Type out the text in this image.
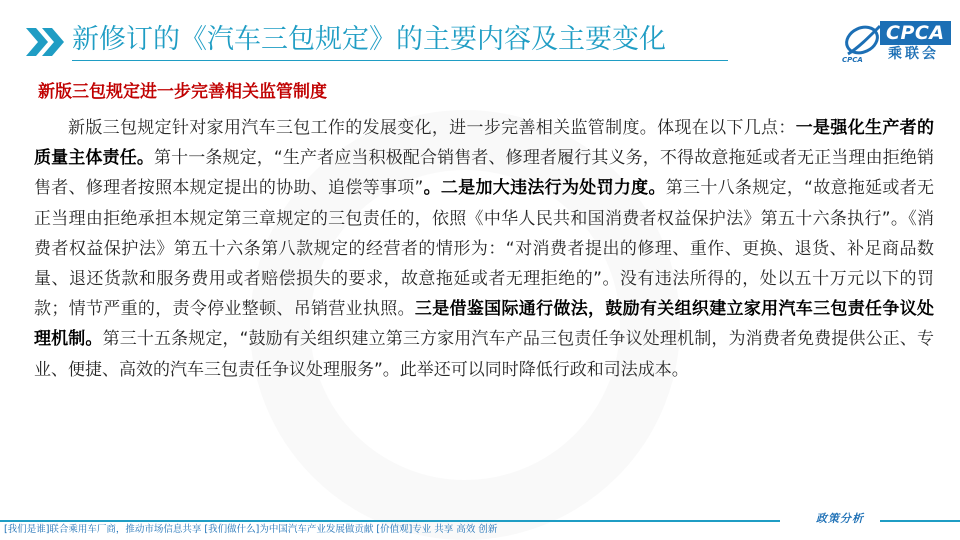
新修订的《汽车三包规定》的主要内容及主要变化	CPCA
乘联会
CPCA
新版三包规定进一步完善相关监管制度

新版三包规定针对家用汽车三包工作的发展变化，进一步完善相关监管制度。体现在以下几点：一是强化生产者的质量主体责任。第十一条规定，“生产者应当积极配合销售者、修理者履行其义务，不得故意拖延或者无正当理由拒绝销售者、修理者按照本规定提出的协助、追偿等事项”。二是加大违法行为处罚力度。第三十八条规定，“故意拖延或者无正当理由拒绝承担本规定第三章规定的三包责任的，依照《中华人民共和国消费者权益保护法》第五十六条执行”。《消费者权益保护法》第五十六条第八款规定的经营者的情形为：“对消费者提出的修理、重作、更换、退货、补足商品数量、退还货款和服务费用或者赔偿损失的要求，故意拖延或者无理拒绝的”。没有违法所得的，处以五十万元以下的罚款；情节严重的，责令停业整顿、吊销营业执照。三是借鉴国际通行做法，鼓励有关组织建立家用汽车三包责任争议处理机制。第三十五条规定，“鼓励有关组织建立第三方家用汽车产品三包责任争议处理机制，为消费者免费提供公正、专业、便捷、高效的汽车三包责任争议处理服务”。此举还可以同时降低行政和司法成本。

[我们是谁]联合乘用车厂商，推动市场信息共享 [我们做什么]为中国汽车产业发展做贡献 [价值观]专业 共享 高效 创新
政策分析
